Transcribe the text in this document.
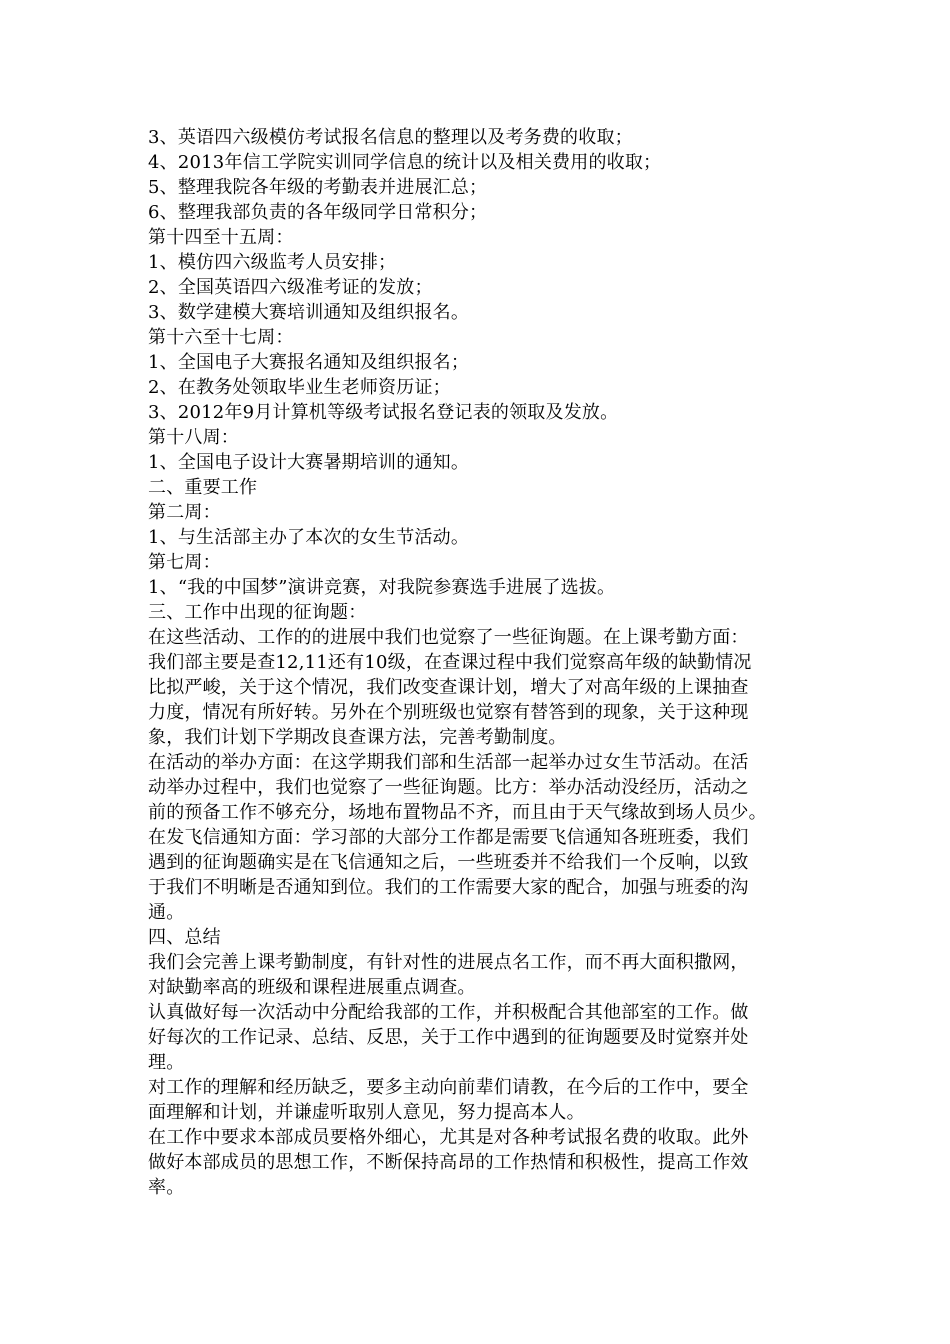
3、英语四六级模仿考试报名信息的整理以及考务费的收取；
4、2013年信工学院实训同学信息的统计以及相关费用的收取；
5、整理我院各年级的考勤表并进展汇总；
6、整理我部负责的各年级同学日常积分；
第十四至十五周：
1、模仿四六级监考人员安排；
2、全国英语四六级准考证的发放；
3、数学建模大赛培训通知及组织报名。
第十六至十七周：
1、全国电子大赛报名通知及组织报名；
2、在教务处领取毕业生老师资历证；
3、2012年9月计算机等级考试报名登记表的领取及发放。
第十八周：
1、全国电子设计大赛暑期培训的通知。
二、重要工作
第二周：
1、与生活部主办了本次的女生节活动。
第七周：
1、“我的中国梦”演讲竞赛，对我院参赛选手进展了选拔。
三、工作中出现的征询题：
在这些活动、工作的的进展中我们也觉察了一些征询题。在上课考勤方面：
我们部主要是查12,11还有10级，在查课过程中我们觉察高年级的缺勤情况
比拟严峻，关于这个情况，我们改变查课计划，增大了对高年级的上课抽查
力度，情况有所好转。另外在个别班级也觉察有替答到的现象，关于这种现
象，我们计划下学期改良查课方法，完善考勤制度。
在活动的举办方面：在这学期我们部和生活部一起举办过女生节活动。在活
动举办过程中，我们也觉察了一些征询题。比方：举办活动没经历，活动之
前的预备工作不够充分，场地布置物品不齐，而且由于天气缘故到场人员少。
在发飞信通知方面：学习部的大部分工作都是需要飞信通知各班班委，我们
遇到的征询题确实是在飞信通知之后，一些班委并不给我们一个反响，以致
于我们不明晰是否通知到位。我们的工作需要大家的配合，加强与班委的沟
通。
四、总结
我们会完善上课考勤制度，有针对性的进展点名工作，而不再大面积撒网，
对缺勤率高的班级和课程进展重点调查。
认真做好每一次活动中分配给我部的工作，并积极配合其他部室的工作。做
好每次的工作记录、总结、反思，关于工作中遇到的征询题要及时觉察并处
理。
对工作的理解和经历缺乏，要多主动向前辈们请教，在今后的工作中，要全
面理解和计划，并谦虚听取别人意见，努力提高本人。
在工作中要求本部成员要格外细心，尤其是对各种考试报名费的收取。此外
做好本部成员的思想工作，不断保持高昂的工作热情和积极性，提高工作效
率。
